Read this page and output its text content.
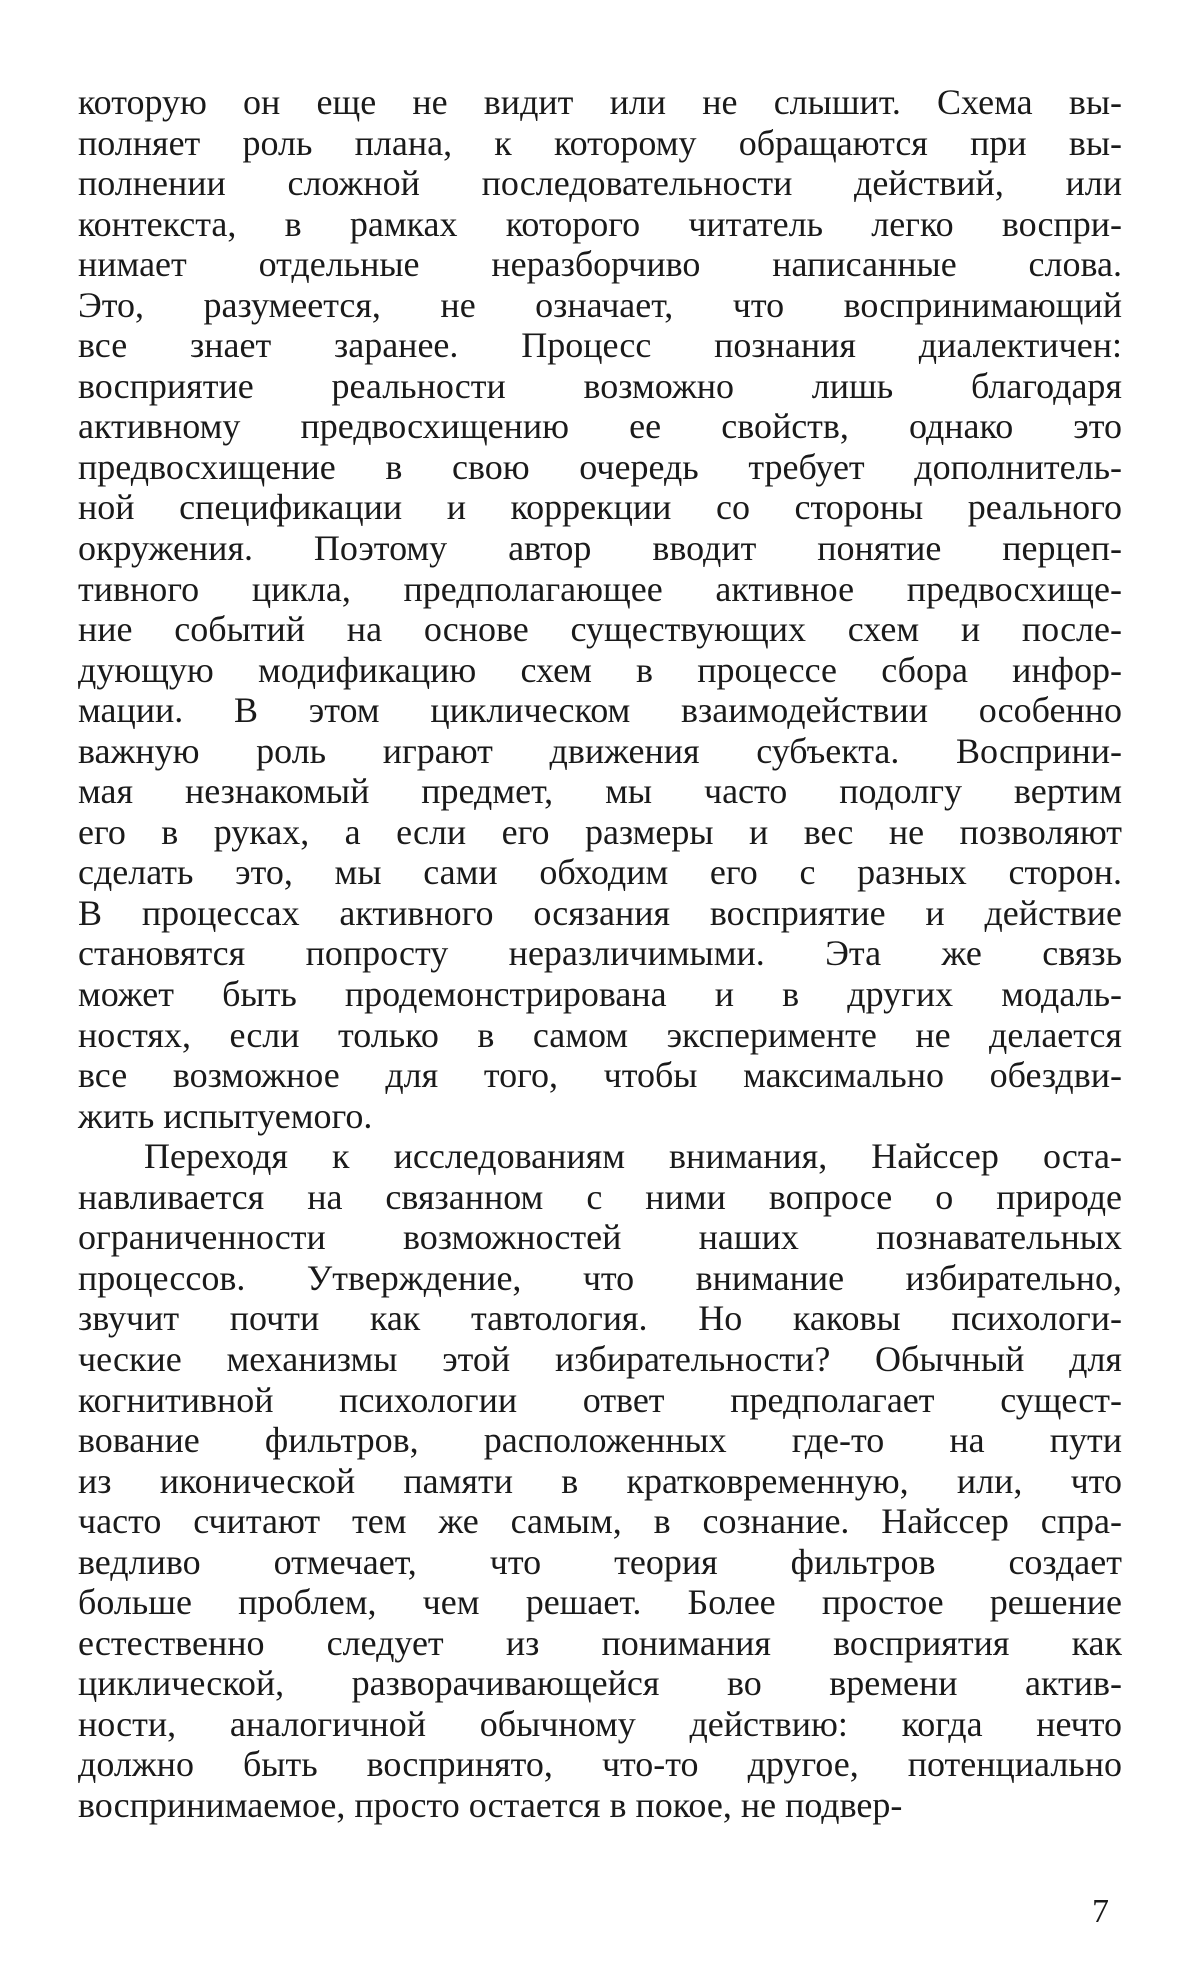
которую он еще не видит или не слышит. Схема вы-
полняет роль плана, к которому обращаются при вы-
полнении сложной последовательности действий, или
контекста, в рамках которого читатель легко воспри-
нимает отдельные неразборчиво написанные слова.
Это, разумеется, не означает, что воспринимающий
все знает заранее. Процесс познания диалектичен:
восприятие реальности возможно лишь благодаря
активному предвосхищению ее свойств, однако это
предвосхищение в свою очередь требует дополнитель-
ной спецификации и коррекции со стороны реального
окружения. Поэтому автор вводит понятие перцеп-
тивного цикла, предполагающее активное предвосхище-
ние событий на основе существующих схем и после-
дующую модификацию схем в процессе сбора инфор-
мации. В этом циклическом взаимодействии особенно
важную роль играют движения субъекта. Восприни-
мая незнакомый предмет, мы часто подолгу вертим
его в руках, а если его размеры и вес не позволяют
сделать это, мы сами обходим его с разных сторон.
В процессах активного осязания восприятие и действие
становятся попросту неразличимыми. Эта же связь
может быть продемонстрирована и в других модаль-
ностях, если только в самом эксперименте не делается
все возможное для того, чтобы максимально обездви-
жить испытуемого.
Переходя к исследованиям внимания, Найссер оста-
навливается на связанном с ними вопросе о природе
ограниченности возможностей наших познавательных
процессов. Утверждение, что внимание избирательно,
звучит почти как тавтология. Но каковы психологи-
ческие механизмы этой избирательности? Обычный для
когнитивной психологии ответ предполагает сущест-
вование фильтров, расположенных где-то на пути
из иконической памяти в кратковременную, или, что
часто считают тем же самым, в сознание. Найссер спра-
ведливо отмечает, что теория фильтров создает
больше проблем, чем решает. Более простое решение
естественно следует из понимания восприятия как
циклической, разворачивающейся во времени актив-
ности, аналогичной обычному действию: когда нечто
должно быть воспринято, что-то другое, потенциально
воспринимаемое, просто остается в покое, не подвер-
7
